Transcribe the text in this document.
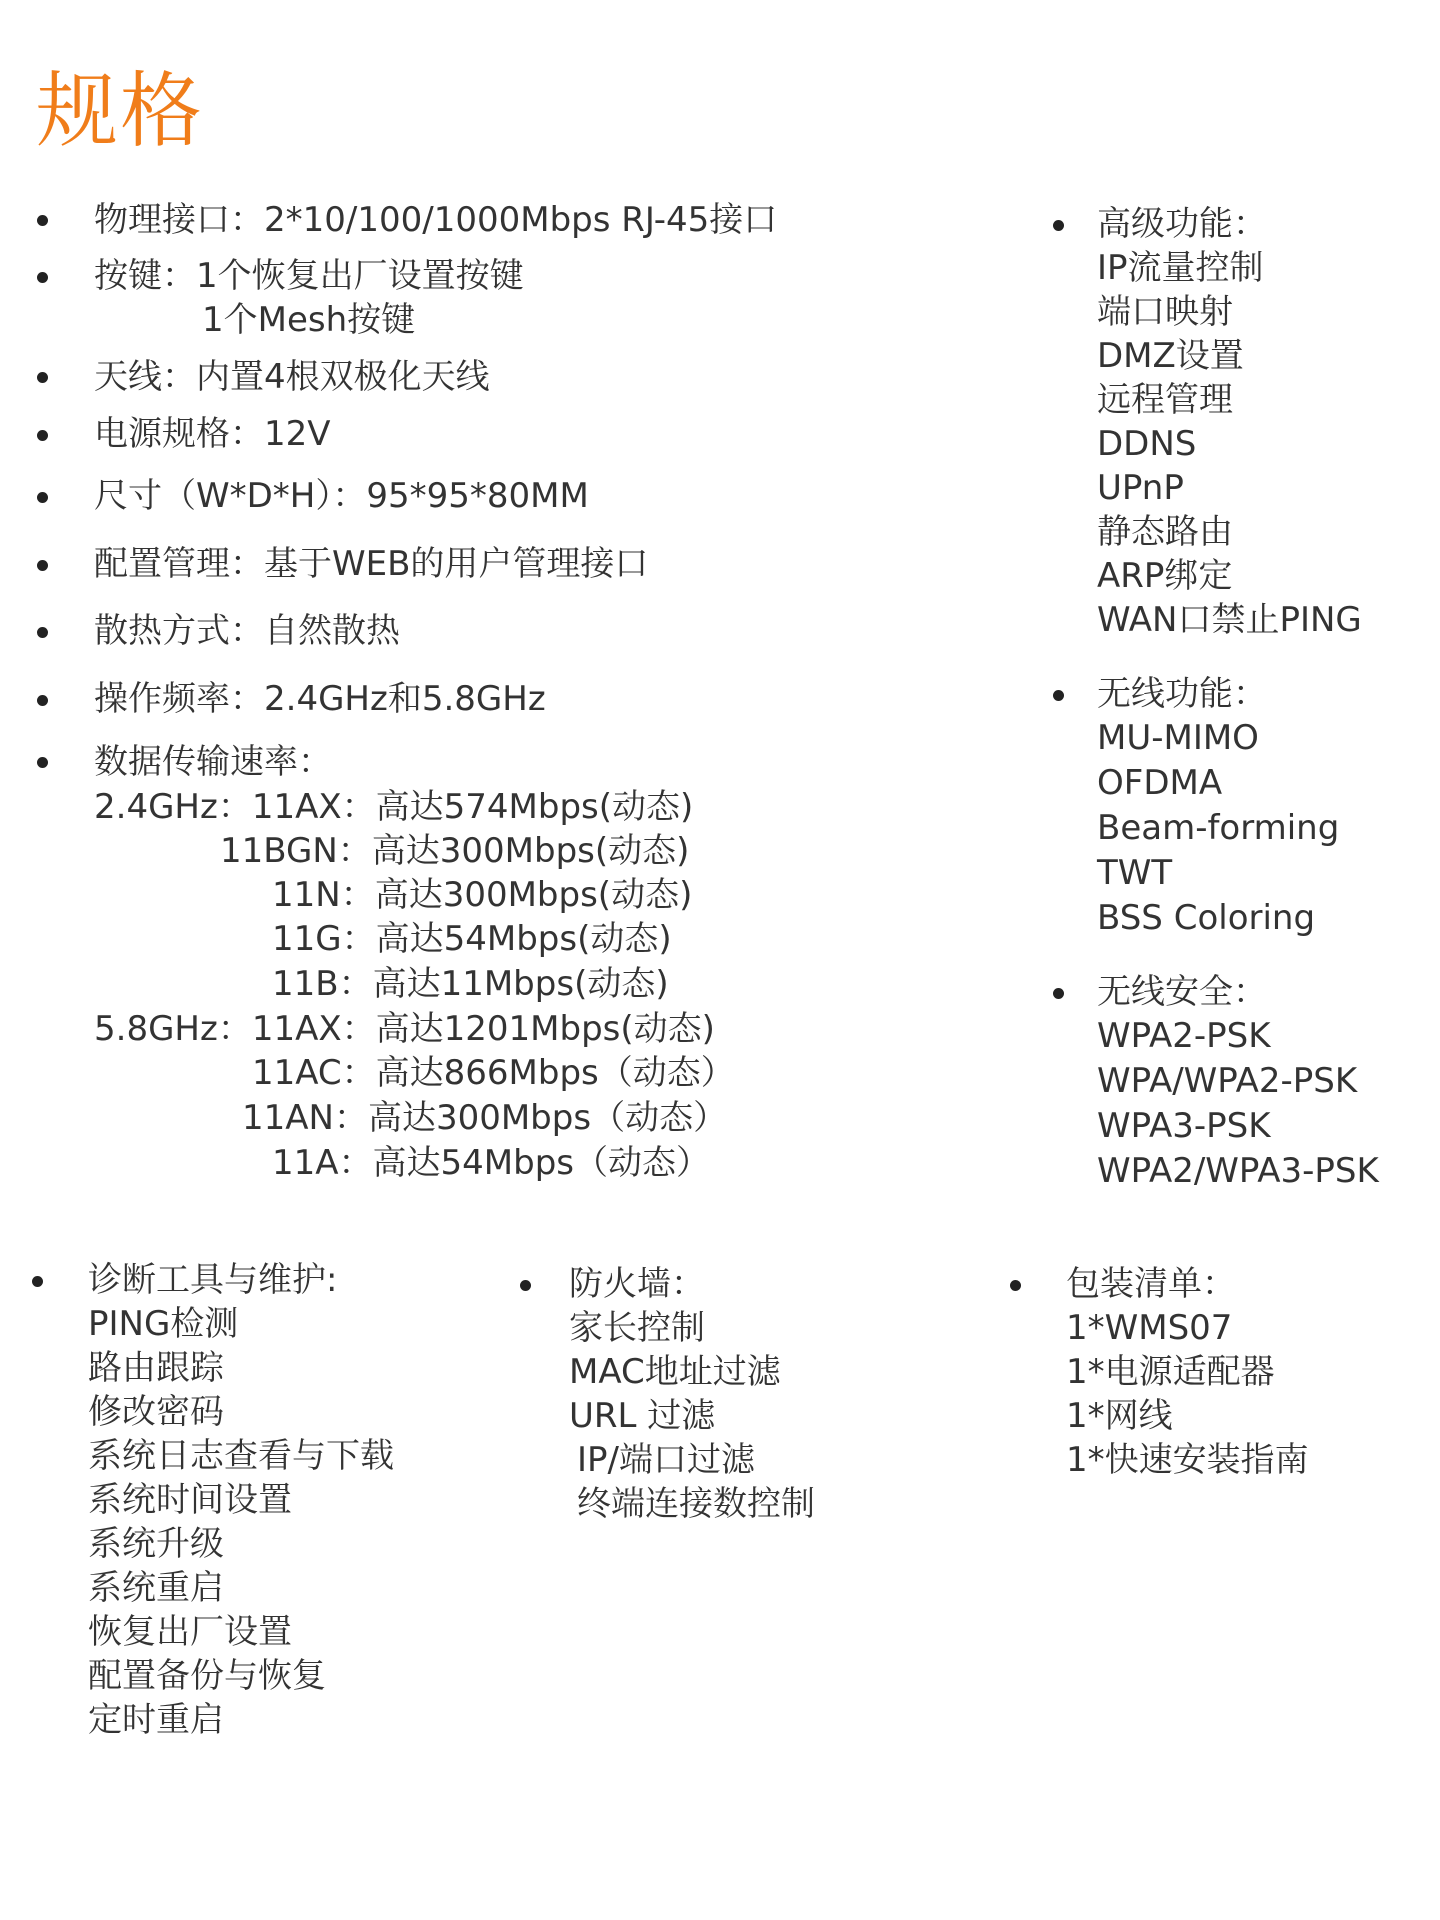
规格
物理接口：2*10/100/1000Mbps RJ-45接口
按键：1个恢复出厂设置按键
1个Mesh按键
天线：内置4根双极化天线
电源规格：12V
尺寸（W*D*H）：95*95*80MM
配置管理：基于WEB的用户管理接口
散热方式：自然散热
操作频率：2.4GHz和5.8GHz
数据传输速率：
2.4GHz：11AX：高达574Mbps(动态)
11BGN：高达300Mbps(动态)
11N：高达300Mbps(动态)
11G：高达54Mbps(动态)
11B：高达11Mbps(动态)
5.8GHz：11AX：高达1201Mbps(动态)
11AC：高达866Mbps（动态）
11AN：高达300Mbps（动态）
11A：高达54Mbps（动态）
高级功能：
IP流量控制
端口映射
DMZ设置
远程管理
DDNS
UPnP
静态路由
ARP绑定
WAN口禁止PING
无线功能：
MU-MIMO
OFDMA
Beam-forming
TWT
BSS Coloring
无线安全：
WPA2-PSK
WPA/WPA2-PSK
WPA3-PSK
WPA2/WPA3-PSK
诊断工具与维护:
PING检测
路由跟踪
修改密码
系统日志查看与下载
系统时间设置
系统升级
系统重启
恢复出厂设置
配置备份与恢复
定时重启
防火墙：
家长控制
MAC地址过滤
URL 过滤
IP/端口过滤
终端连接数控制
包装清单：
1*WMS07
1*电源适配器
1*网线
1*快速安装指南
